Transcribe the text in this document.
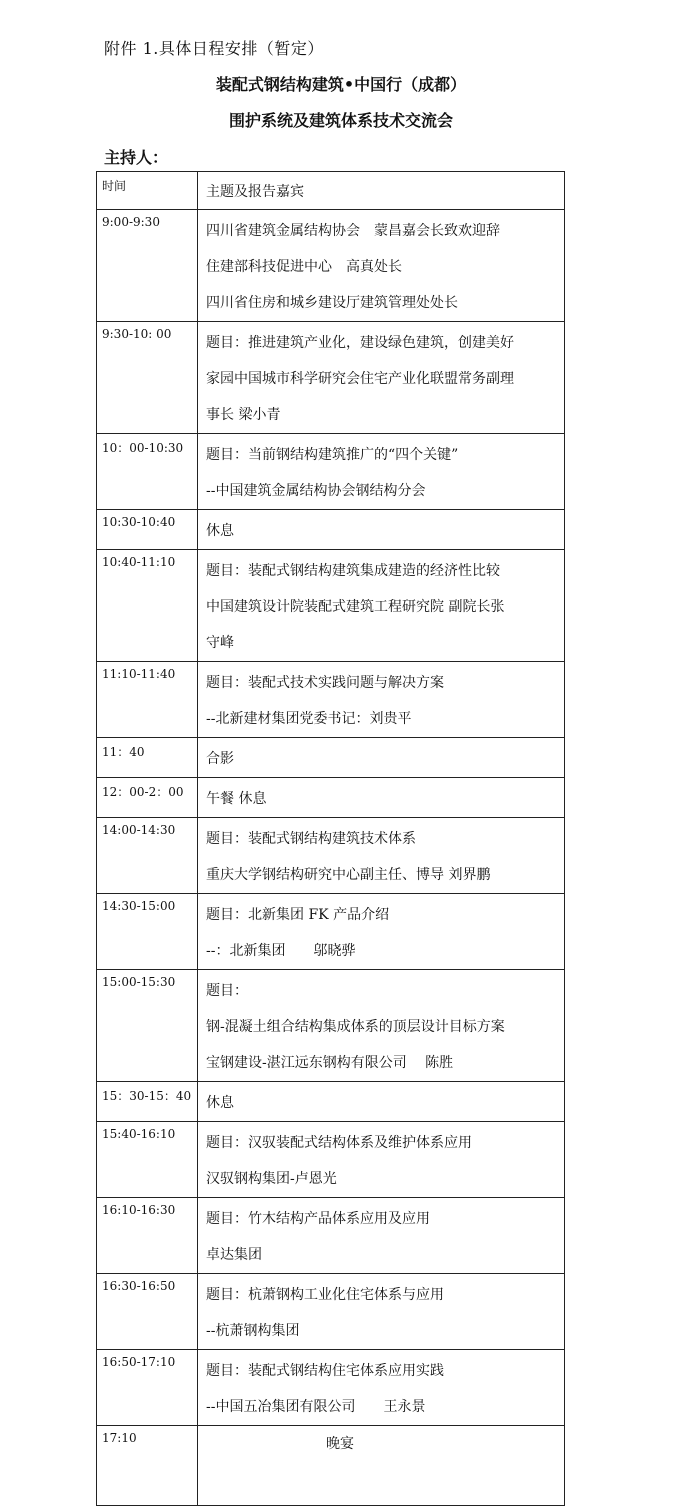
附件 1.具体日程安排（暂定）
装配式钢结构建筑•中国行（成都）
围护系统及建筑体系技术交流会
主持人：
时间	主题及报告嘉宾

9:00-9:30	四川省建筑金属结构协会　蒙昌嘉会长致欢迎辞
住建部科技促进中心　高真处长
四川省住房和城乡建设厅建筑管理处处长

9:30-10: 00	题目：推进建筑产业化，建设绿色建筑，创建美好
家园中国城市科学研究会住宅产业化联盟常务副理
事长 梁小青

10：00-10:30	题目：当前钢结构建筑推广的“四个关键”
--中国建筑金属结构协会钢结构分会

10:30-10:40	休息

10:40-11:10	题目：装配式钢结构建筑集成建造的经济性比较
中国建筑设计院装配式建筑工程研究院 副院长张
守峰

11:10-11:40	题目：装配式技术实践问题与解决方案
--北新建材集团党委书记：刘贵平

11：40	合影

12：00-2：00	午餐 休息

14:00-14:30	题目：装配式钢结构建筑技术体系
重庆大学钢结构研究中心副主任、博导 刘界鹏

14:30-15:00	题目：北新集团 FK 产品介绍
--：北新集团　　邬晓骅

15:00-15:30	题目：
钢-混凝土组合结构集成体系的顶层设计目标方案
宝钢建设-湛江远东钢构有限公司　 陈胜

15：30-15：40	休息

15:40-16:10	题目：汉驭装配式结构体系及维护体系应用
汉驭钢构集团-卢恩光

16:10-16:30	题目：竹木结构产品体系应用及应用
卓达集团

16:30-16:50	题目：杭萧钢构工业化住宅体系与应用
--杭萧钢构集团

16:50-17:10	题目：装配式钢结构住宅体系应用实践
--中国五冶集团有限公司　　王永景

17:10	晚宴
